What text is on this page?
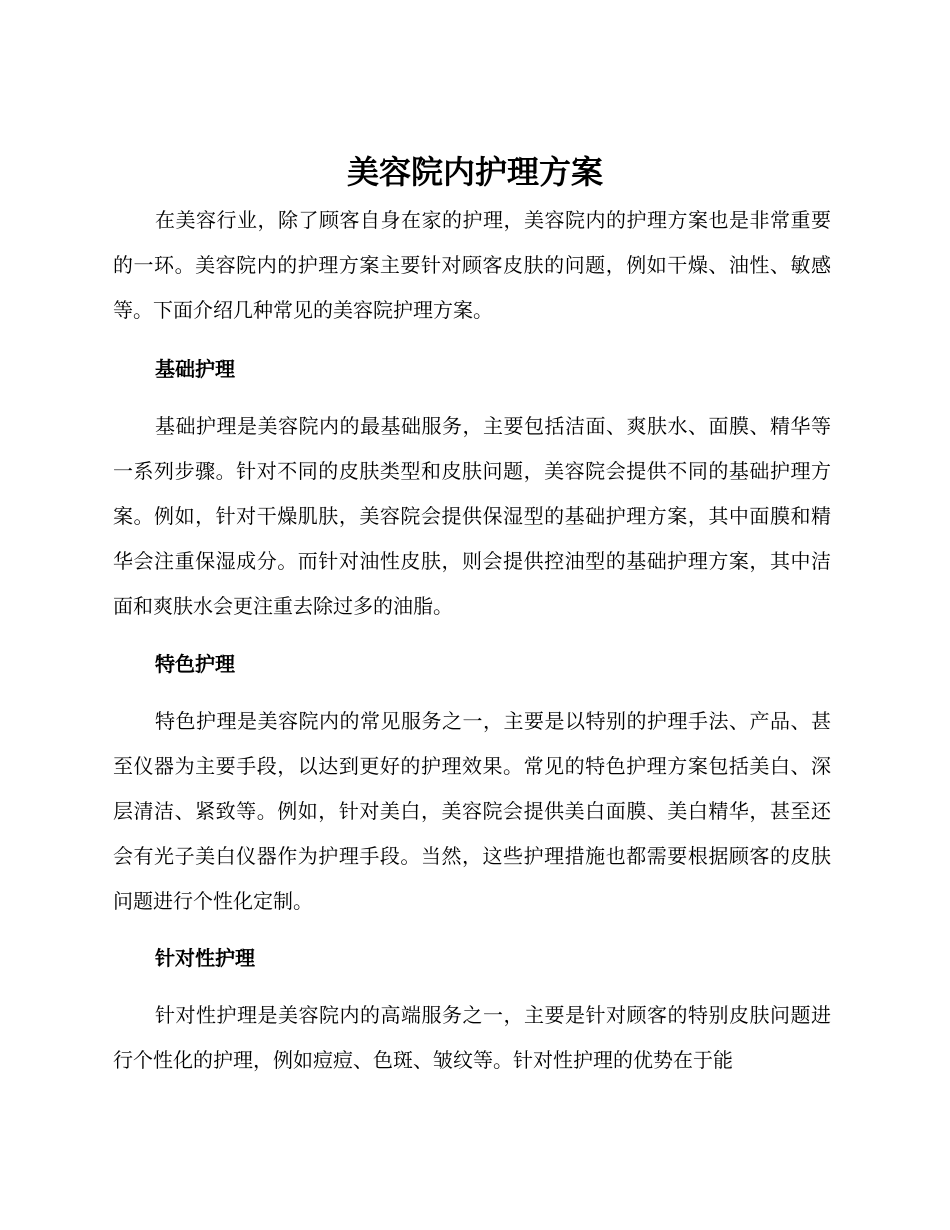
美容院内护理方案

在美容行业，除了顾客自身在家的护理，美容院内的护理方案也是非常重要的一环。美容院内的护理方案主要针对顾客皮肤的问题，例如干燥、油性、敏感等。下面介绍几种常见的美容院护理方案。

基础护理

基础护理是美容院内的最基础服务，主要包括洁面、爽肤水、面膜、精华等一系列步骤。针对不同的皮肤类型和皮肤问题，美容院会提供不同的基础护理方案。例如，针对干燥肌肤，美容院会提供保湿型的基础护理方案，其中面膜和精华会注重保湿成分。而针对油性皮肤，则会提供控油型的基础护理方案，其中洁面和爽肤水会更注重去除过多的油脂。

特色护理

特色护理是美容院内的常见服务之一，主要是以特别的护理手法、产品、甚至仪器为主要手段，以达到更好的护理效果。常见的特色护理方案包括美白、深层清洁、紧致等。例如，针对美白，美容院会提供美白面膜、美白精华，甚至还会有光子美白仪器作为护理手段。当然，这些护理措施也都需要根据顾客的皮肤问题进行个性化定制。

针对性护理

针对性护理是美容院内的高端服务之一，主要是针对顾客的特别皮肤问题进行个性化的护理，例如痘痘、色斑、皱纹等。针对性护理的优势在于能
